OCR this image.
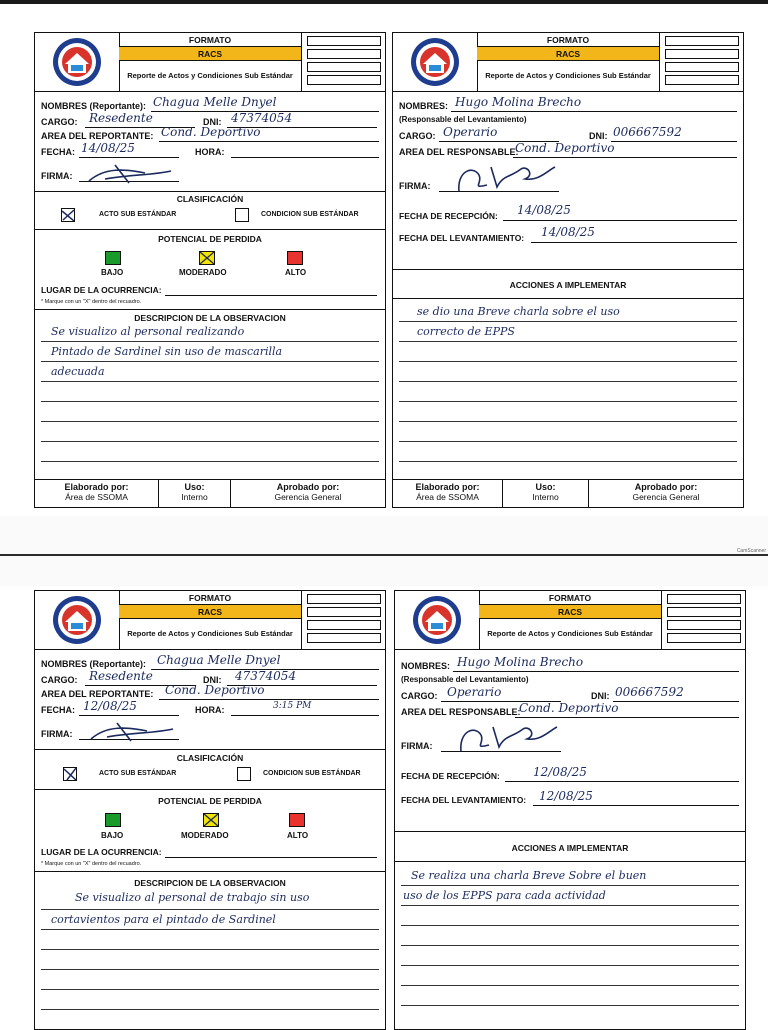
CamScanner
FORMATO
RACS
Reporte de Actos y Condiciones Sub Estándar
NOMBRES (Reportante): Chagua Melle Dnyel
CARGO: Resedente	DNI: 47374054
AREA DEL REPORTANTE: Cond. Deportivo
FECHA: 14/08/25	HORA:
FIRMA:
CLASIFICACIÓN
ACTO SUB ESTÁNDAR	CONDICION SUB ESTÁNDAR
POTENCIAL DE PERDIDA
BAJO	MODERADO	ALTO
LUGAR DE LA OCURRENCIA:
* Marque con un "X" dentro del recuadro.
DESCRIPCION DE LA OBSERVACION
Se visualizo al personal realizando
Pintado de Sardinel sin uso de mascarilla
adecuada
Elaborado por:
Área de SSOMA
Uso:
Interno
Aprobado por:
Gerencia General
FORMATO
RACS
Reporte de Actos y Condiciones Sub Estándar
NOMBRES: Hugo Molina Brecho
(Responsable del Levantamiento)
CARGO: Operario	DNI: 006667592
AREA DEL RESPONSABLE:
Cond. Deportivo
FIRMA:
FECHA DE RECEPCIÓN: 14/08/25
FECHA DEL LEVANTAMIENTO: 14/08/25
ACCIONES A IMPLEMENTAR
se dio una Breve charla sobre el uso
correcto de EPPS
Elaborado por:
Área de SSOMA
Uso:
Interno
Aprobado por:
Gerencia General
FORMATO
RACS
Reporte de Actos y Condiciones Sub Estándar
NOMBRES (Reportante): Chagua Melle Dnyel
CARGO: Resedente	DNI: 47374054
AREA DEL REPORTANTE: Cond. Deportivo
FECHA: 12/08/25	HORA:	3:15 PM
FIRMA:
CLASIFICACIÓN
ACTO SUB ESTÁNDAR	CONDICION SUB ESTÁNDAR
POTENCIAL DE PERDIDA
BAJO	MODERADO	ALTO
LUGAR DE LA OCURRENCIA:
* Marque con un "X" dentro del recuadro.
DESCRIPCION DE LA OBSERVACION
Se visualizo al personal de trabajo sin uso
cortavientos para el pintado de Sardinel
FORMATO
RACS
Reporte de Actos y Condiciones Sub Estándar
NOMBRES: Hugo Molina Brecho
(Responsable del Levantamiento)
CARGO: Operario	DNI: 006667592
AREA DEL RESPONSABLE:
Cond. Deportivo
FIRMA:
FECHA DE RECEPCIÓN:	12/08/25
FECHA DEL LEVANTAMIENTO: 12/08/25
ACCIONES A IMPLEMENTAR
Se realiza una charla Breve Sobre el buen
uso de los EPPS para cada actividad
